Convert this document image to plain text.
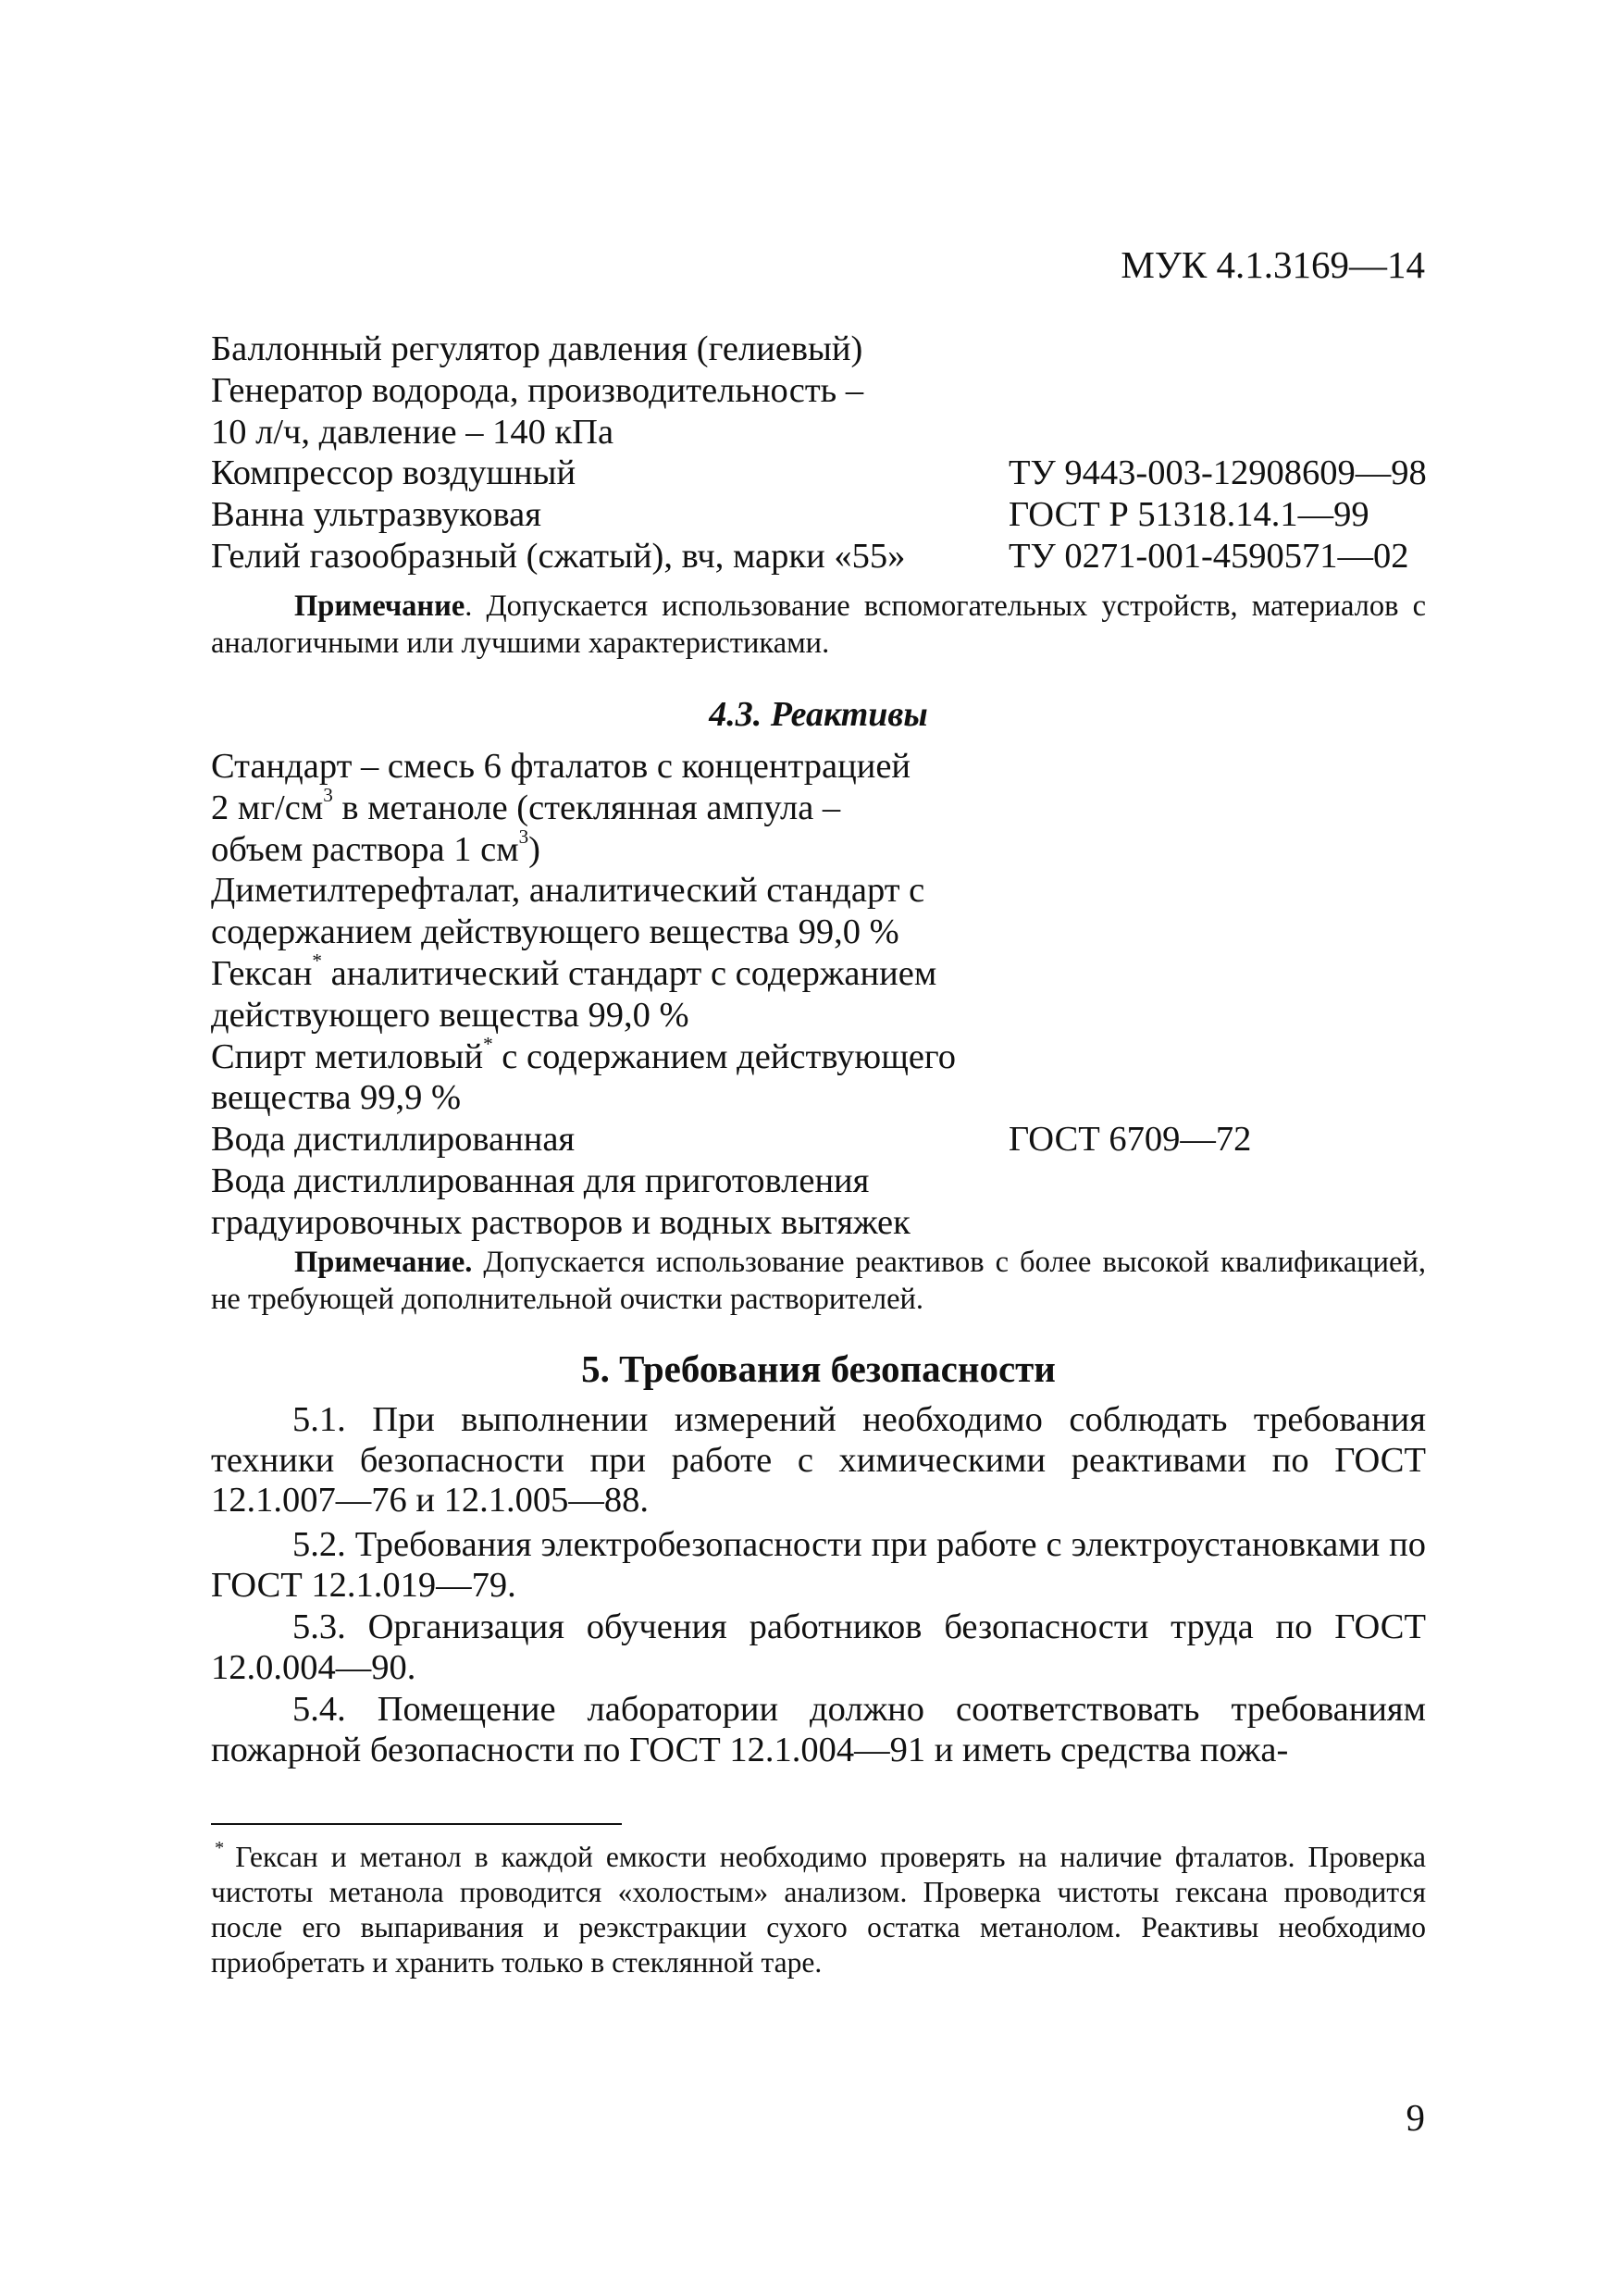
МУК 4.1.3169—14
Баллонный регулятор давления (гелиевый)
Генератор водорода, производительность –
10 л/ч, давление – 140 кПа
Компрессор воздушный	ТУ 9443-003-12908609—98
Ванна ультразвуковая	ГОСТ Р 51318.14.1—99
Гелий газообразный (сжатый), вч, марки «55»	ТУ 0271-001-4590571—02
Примечание. Допускается использование вспомогательных устройств, материалов с аналогичными или лучшими характеристиками.
4.3. Реактивы
Стандарт – смесь 6 фталатов с концентрацией
2 $мг/см^3$ в метаноле (стеклянная ампула –
объем раствора 1 $см^3$)
Диметилтерефталат, аналитический стандарт с
содержанием действующего вещества 99,0 %
Гексан* аналитический стандарт с содержанием
действующего вещества 99,0 %
Спирт метиловый* с содержанием действующего
вещества 99,9 %
Вода дистиллированная	ГОСТ 6709—72
Вода дистиллированная для приготовления
градуировочных растворов и водных вытяжек
Примечание. Допускается использование реактивов с более высокой квалификацией, не требующей дополнительной очистки растворителей.
5. Требования безопасности
5.1. При выполнении измерений необходимо соблюдать требования техники безопасности при работе с химическими реактивами по ГОСТ 12.1.007—76 и 12.1.005—88.
5.2. Требования электробезопасности при работе с электроустановками по ГОСТ 12.1.019—79.
5.3. Организация обучения работников безопасности труда по ГОСТ 12.0.004—90.
5.4. Помещение лаборатории должно соответствовать требованиям пожарной безопасности по ГОСТ 12.1.004—91 и иметь средства пожа-
* Гексан и метанол в каждой емкости необходимо проверять на наличие фталатов. Проверка чистоты метанола проводится «холостым» анализом. Проверка чистоты гексана проводится после его выпаривания и реэкстракции сухого остатка метанолом. Реактивы необходимо приобретать и хранить только в стеклянной таре.
9
